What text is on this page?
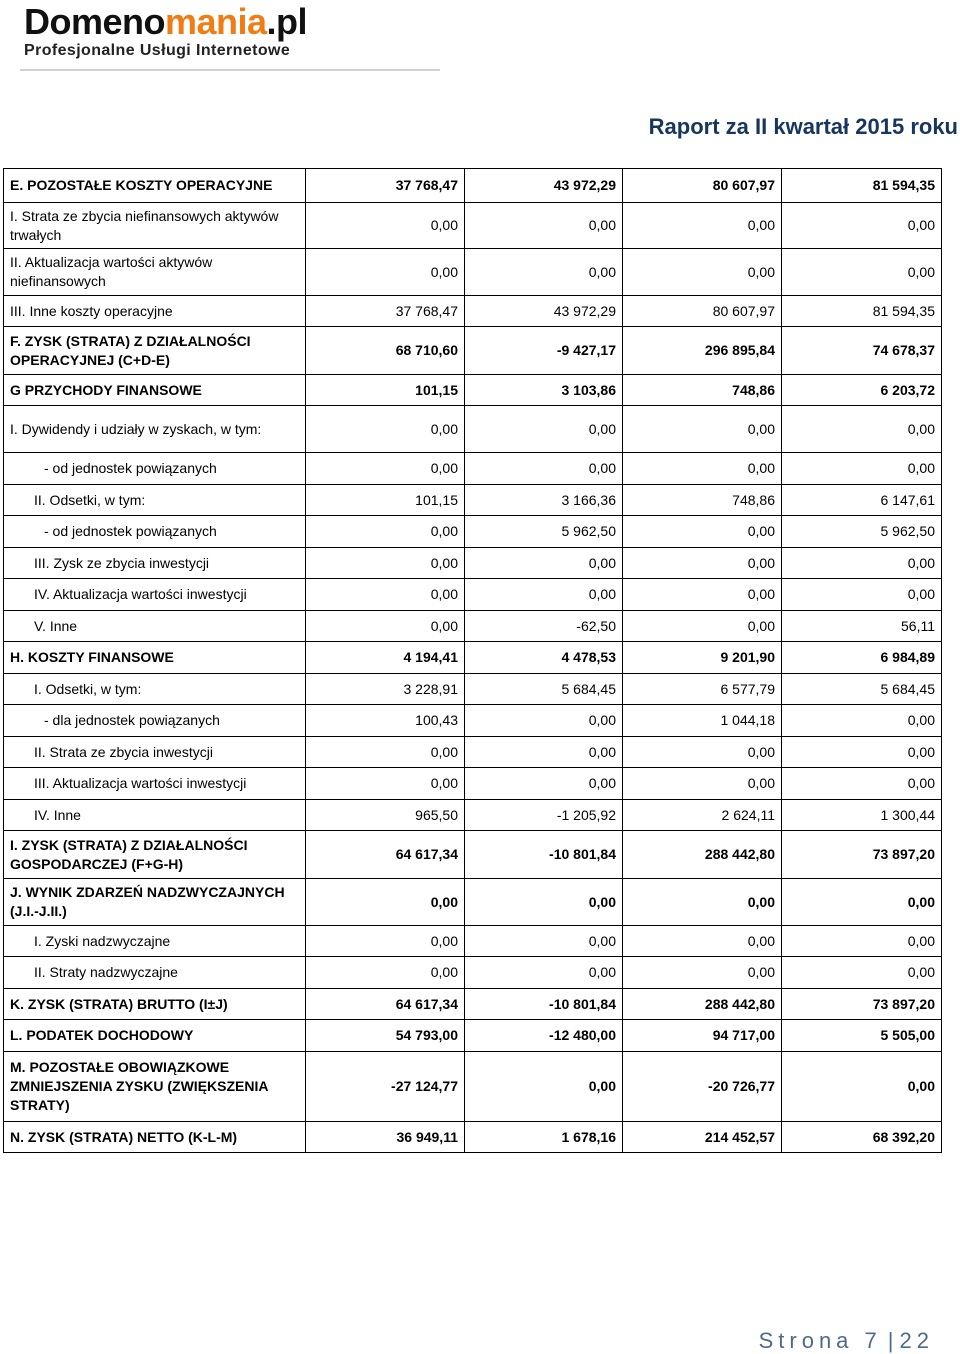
Domenomania.pl
Profesjonalne Usługi Internetowe
Raport za II kwartał 2015 roku
E. POZOSTAŁE KOSZTY OPERACYJNE	37 768,47	43 972,29	80 607,97	81 594,35
I. Strata ze zbycia niefinansowych aktywów trwałych	0,00	0,00	0,00	0,00
II. Aktualizacja wartości aktywów niefinansowych	0,00	0,00	0,00	0,00
III. Inne koszty operacyjne	37 768,47	43 972,29	80 607,97	81 594,35
F. ZYSK (STRATA) Z DZIAŁALNOŚCI OPERACYJNEJ (C+D-E)	68 710,60	-9 427,17	296 895,84	74 678,37
G PRZYCHODY FINANSOWE	101,15	3 103,86	748,86	6 203,72
I. Dywidendy i udziały w zyskach, w tym:	0,00	0,00	0,00	0,00
- od jednostek powiązanych	0,00	0,00	0,00	0,00
II. Odsetki, w tym:	101,15	3 166,36	748,86	6 147,61
- od jednostek powiązanych	0,00	5 962,50	0,00	5 962,50
III. Zysk ze zbycia inwestycji	0,00	0,00	0,00	0,00
IV. Aktualizacja wartości inwestycji	0,00	0,00	0,00	0,00
V. Inne	0,00	-62,50	0,00	56,11
H. KOSZTY FINANSOWE	4 194,41	4 478,53	9 201,90	6 984,89
I. Odsetki, w tym:	3 228,91	5 684,45	6 577,79	5 684,45
- dla jednostek powiązanych	100,43	0,00	1 044,18	0,00
II. Strata ze zbycia inwestycji	0,00	0,00	0,00	0,00
III. Aktualizacja wartości inwestycji	0,00	0,00	0,00	0,00
IV. Inne	965,50	-1 205,92	2 624,11	1 300,44
I. ZYSK (STRATA) Z DZIAŁALNOŚCI GOSPODARCZEJ (F+G-H)	64 617,34	-10 801,84	288 442,80	73 897,20
J. WYNIK ZDARZEŃ NADZWYCZAJNYCH (J.I.-J.II.)	0,00	0,00	0,00	0,00
I. Zyski nadzwyczajne	0,00	0,00	0,00	0,00
II. Straty nadzwyczajne	0,00	0,00	0,00	0,00
K. ZYSK (STRATA) BRUTTO (I±J)	64 617,34	-10 801,84	288 442,80	73 897,20
L. PODATEK DOCHODOWY	54 793,00	-12 480,00	94 717,00	5 505,00
M. POZOSTAŁE OBOWIĄZKOWE ZMNIEJSZENIA ZYSKU (ZWIĘKSZENIA STRATY)	-27 124,77	0,00	-20 726,77	0,00
N. ZYSK (STRATA) NETTO (K-L-M)	36 949,11	1 678,16	214 452,57	68 392,20
Strona 7 | 22
